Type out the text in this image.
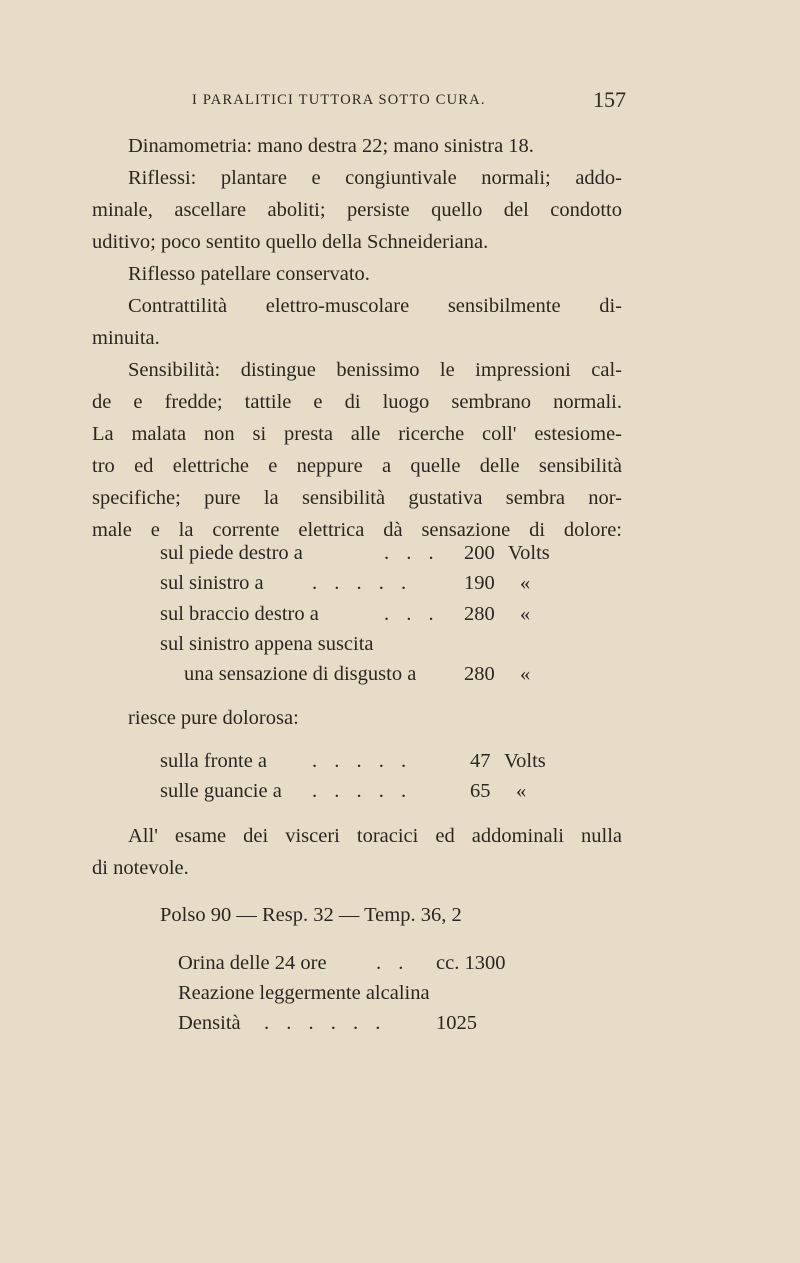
I PARALITICI TUTTORA SOTTO CURA.	157
Dinamometria: mano destra 22; mano sinistra 18.
Riflessi: plantare e congiuntivale normali; addo-
minale, ascellare aboliti; persiste quello del condotto
uditivo; poco sentito quello della Schneideriana.
Riflesso patellare conservato.
Contrattilità elettro-muscolare sensibilmente di-
minuita.
Sensibilità: distingue benissimo le impressioni cal-
de e fredde; tattile e di luogo sembrano normali.
La malata non si presta alle ricerche coll' estesiome-
tro ed elettriche e neppure a quelle delle sensibilità
specifiche; pure la sensibilità gustativa sembra nor-
male e la corrente elettrica dà sensazione di dolore:
sul piede destro a	. . . 200 Volts
sul sinistro a . . . . .	190 «
sul braccio destro a	. . . 280 «
sul sinistro appena suscita
una sensazione di disgusto a 280 «
riesce pure dolorosa:
sulla fronte a . . . . .	47 Volts
sulle guancie a . . . . .	65 «
All' esame dei visceri toracici ed addominali nulla
di notevole.
Polso 90 — Resp. 32 — Temp. 36, 2
Orina delle 24 ore . . cc. 1300
Reazione leggermente alcalina
Densità . . . . . . 1025
